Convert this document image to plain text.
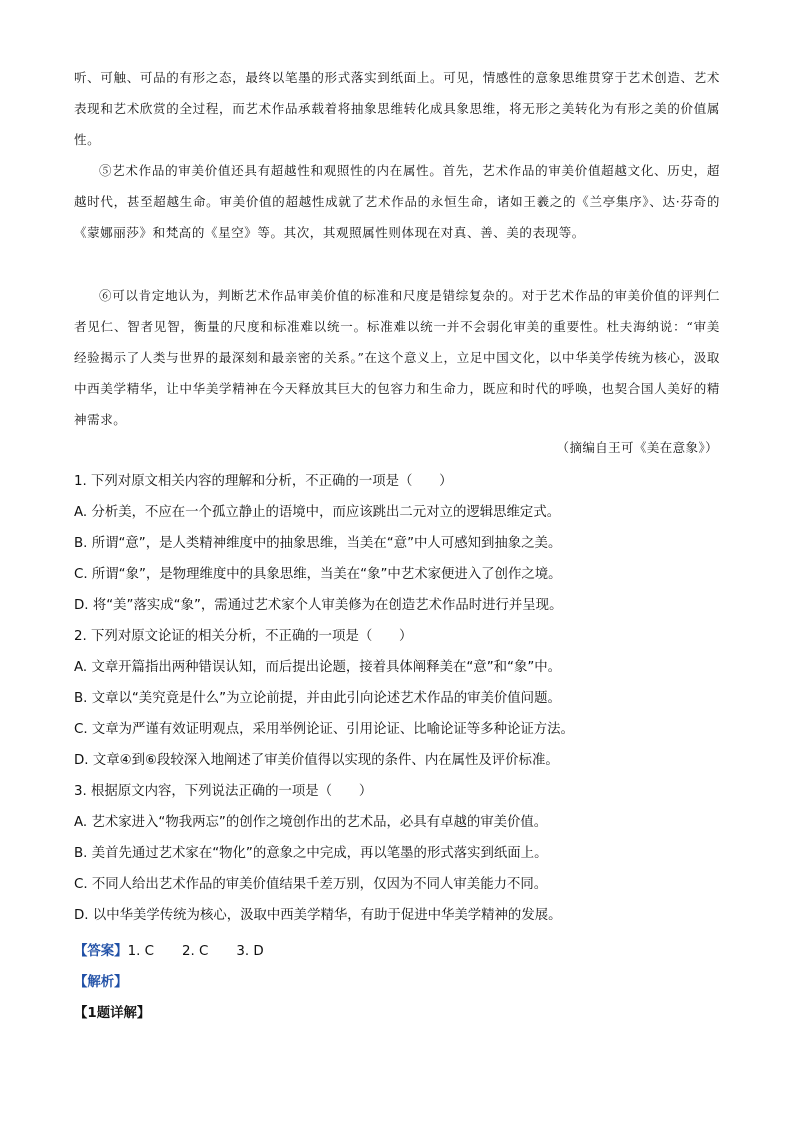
听、可触、可品的有形之态，最终以笔墨的形式落实到纸面上。可见，情感性的意象思维贯穿于艺术创造、艺术表现和艺术欣赏的全过程，而艺术作品承载着将抽象思维转化成具象思维，将无形之美转化为有形之美的价值属性。
⑤艺术作品的审美价值还具有超越性和观照性的内在属性。首先，艺术作品的审美价值超越文化、历史，超越时代，甚至超越生命。审美价值的超越性成就了艺术作品的永恒生命，诸如王羲之的《兰亭集序》、达·芬奇的《蒙娜丽莎》和梵高的《星空》等。其次，其观照属性则体现在对真、善、美的表现等。
⑥可以肯定地认为，判断艺术作品审美价值的标准和尺度是错综复杂的。对于艺术作品的审美价值的评判仁者见仁、智者见智，衡量的尺度和标准难以统一。标准难以统一并不会弱化审美的重要性。杜夫海纳说：“审美经验揭示了人类与世界的最深刻和最亲密的关系。”在这个意义上，立足中国文化，以中华美学传统为核心，汲取中西美学精华，让中华美学精神在今天释放其巨大的包容力和生命力，既应和时代的呼唤，也契合国人美好的精神需求。
（摘编自王可《美在意象》）
1. 下列对原文相关内容的理解和分析，不正确的一项是（　　）
A. 分析美，不应在一个孤立静止的语境中，而应该跳出二元对立的逻辑思维定式。
B. 所谓“意”，是人类精神维度中的抽象思维，当美在“意”中人可感知到抽象之美。
C. 所谓“象”，是物理维度中的具象思维，当美在“象”中艺术家便进入了创作之境。
D. 将“美”落实成“象”，需通过艺术家个人审美修为在创造艺术作品时进行并呈现。
2. 下列对原文论证的相关分析，不正确的一项是（　　）
A. 文章开篇指出两种错误认知，而后提出论题，接着具体阐释美在“意”和“象”中。
B. 文章以“美究竟是什么”为立论前提，并由此引向论述艺术作品的审美价值问题。
C. 文章为严谨有效证明观点，采用举例论证、引用论证、比喻论证等多种论证方法。
D. 文章④到⑥段较深入地阐述了审美价值得以实现的条件、内在属性及评价标准。
3. 根据原文内容，下列说法正确的一项是（　　）
A. 艺术家进入“物我两忘”的创作之境创作出的艺术品，必具有卓越的审美价值。
B. 美首先通过艺术家在“物化”的意象之中完成，再以笔墨的形式落实到纸面上。
C. 不同人给出艺术作品的审美价值结果千差万别，仅因为不同人审美能力不同。
D. 以中华美学传统为核心，汲取中西美学精华，有助于促进中华美学精神的发展。
【答案】1. C 2. C 3. D
【解析】
【1题详解】
